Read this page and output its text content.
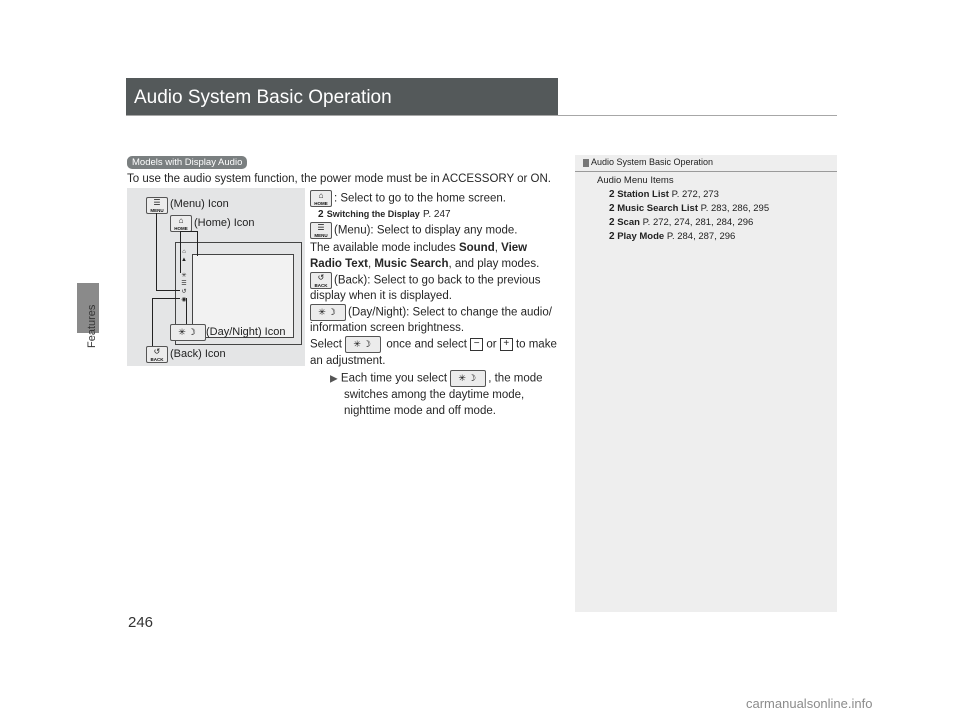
Features
246
Audio System Basic Operation
Models with Display Audio
To use the audio system function, the power mode must be in ACCESSORY or ON.
☰
MENU
(Menu) Icon
⌂
HOME (Home) Icon
✳☽ (Day/Night) Icon
↺
BACK (Back) Icon
⌂
▲

✳
☰
↺
◉
⌂
HOME : Select to go to the home screen.
2 Switching the Display P. 247
☰
MENU (Menu): Select to display any mode.
The available mode includes Sound, View
Radio Text, Music Search, and play modes.
↺
BACK (Back): Select to go back to the previous
display when it is displayed.
✳☽ (Day/Night): Select to change the audio/
information screen brightness.
Select ✳☽ once and select − or + to make
an adjustment.
▶ Each time you select ✳☽ , the mode
switches among the daytime mode,
nighttime mode and off mode.
Audio System Basic Operation
Audio Menu Items
2 Station List P. 272, 273
2 Music Search List P. 283, 286, 295
2 Scan P. 272, 274, 281, 284, 296
2 Play Mode P. 284, 287, 296
carmanualsonline.info
